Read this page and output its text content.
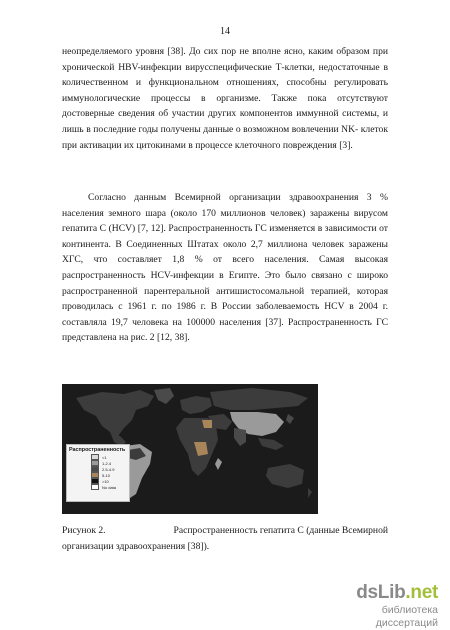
14

неопределяемого уровня [38]. До сих пор не вполне ясно, каким образом при хронической HBV-инфекции вирусспецифические Т-клетки, недостаточные в количественном и функциональном отношениях, способны регулировать иммунологические процессы в организме. Также пока отсутствуют достоверные сведения об участии других компонентов иммунной системы, и лишь в последние годы получены данные о возможном вовлечении NK- клеток при активации их цитокинами в процессе клеточного повреждения [3].

Согласно данным Всемирной организации здравоохранения 3 % населения земного шара (около 170 миллионов человек) заражены вирусом гепатита С (HCV) [7, 12]. Распространенность ГС изменяется в зависимости от континента. В Соединенных Штатах около 2,7 миллиона человек заражены ХГС, что составляет 1,8 % от всего населения. Самая высокая распространенность HCV-инфекции в Египте. Это было связано с широко распространенной парентеральной антишистосомальной терапией, которая проводилась с 1961 г. по 1986 г. В России заболеваемость HCV в 2004 г. составляла 19,7 человека на 100000 населения [37]. Распространенность ГС представлена на рис. 2 [12, 38].

Распространенность
<1
1-2.4
2.5-4.9
5-10
>10
No data
Рисунок 2.	Распространенность гепатита С (данные Всемирной
организации здравоохранения [38]).
dsLib.net
библиотека диссертаций
